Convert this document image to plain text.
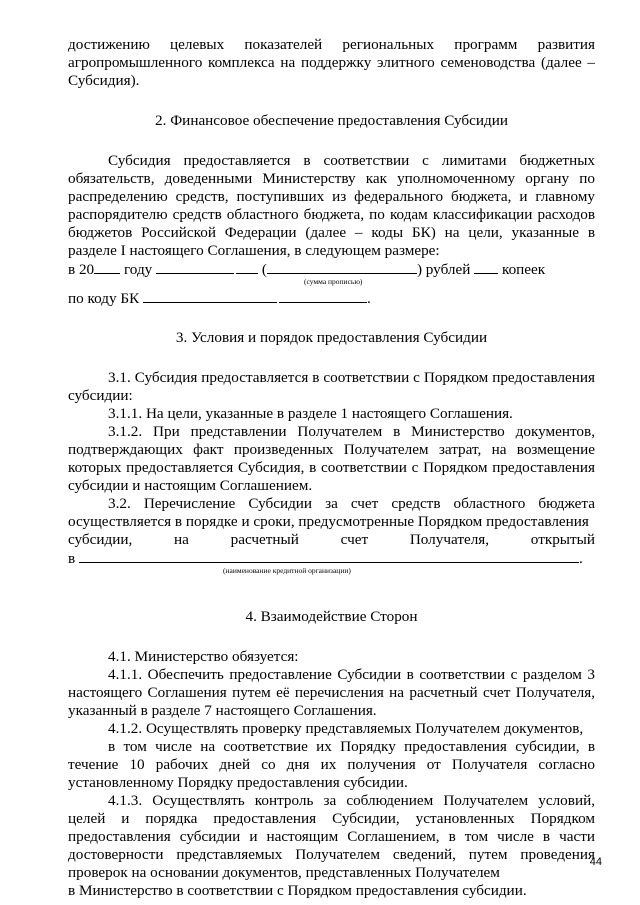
достижению целевых показателей региональных программ развития

агропромышленного комплекса на поддержку элитного семеноводства (далее – Субсидия).

2. Финансовое обеспечение предоставления Субсидии

Субсидия предоставляется в соответствии с лимитами бюджетных обязательств, доведенными Министерству как уполномоченному органу по распределению средств, поступивших из федерального бюджета, и главному распорядителю средств областного бюджета, по кодам классификации расходов бюджетов Российской Федерации (далее – коды БК) на цели, указанные в разделе I настоящего Соглашения, в следующем размере:

в 20 году	(	) рублей копеек
(сумма прописью)
по коду БК	.

3. Условия и порядок предоставления Субсидии

3.1. Субсидия предоставляется в соответствии с Порядком предоставления субсидии:

3.1.1. На цели, указанные в разделе 1 настоящего Соглашения.

3.1.2. При представлении Получателем в Министерство документов, подтверждающих факт произведенных Получателем затрат, на возмещение которых предоставляется Субсидия, в соответствии с Порядком предоставления субсидии и настоящим Соглашением.

3.2. Перечисление Субсидии за счет средств областного бюджета осуществляется в порядке и сроки, предусмотренные Порядком предоставления

субсидии, на расчетный счет Получателя, открытый

в	.
(наименование кредитной организации)

4. Взаимодействие Сторон

4.1. Министерство обязуется:

4.1.1. Обеспечить предоставление Субсидии в соответствии с разделом 3 настоящего Соглашения путем её перечисления на расчетный счет Получателя, указанный в разделе 7 настоящего Соглашения.

4.1.2. Осуществлять проверку представляемых Получателем документов,

в том числе на соответствие их Порядку предоставления субсидии, в течение 10 рабочих дней со дня их получения от Получателя согласно установленному Порядку предоставления субсидии.

4.1.3. Осуществлять контроль за соблюдением Получателем условий, целей и порядка предоставления Субсидии, установленных Порядком предоставления субсидии и настоящим Соглашением, в том числе в части достоверности представляемых Получателем сведений, путем проведения проверок на основании документов, представленных Получателем

в Министерство в соответствии с Порядком предоставления субсидии.

44
